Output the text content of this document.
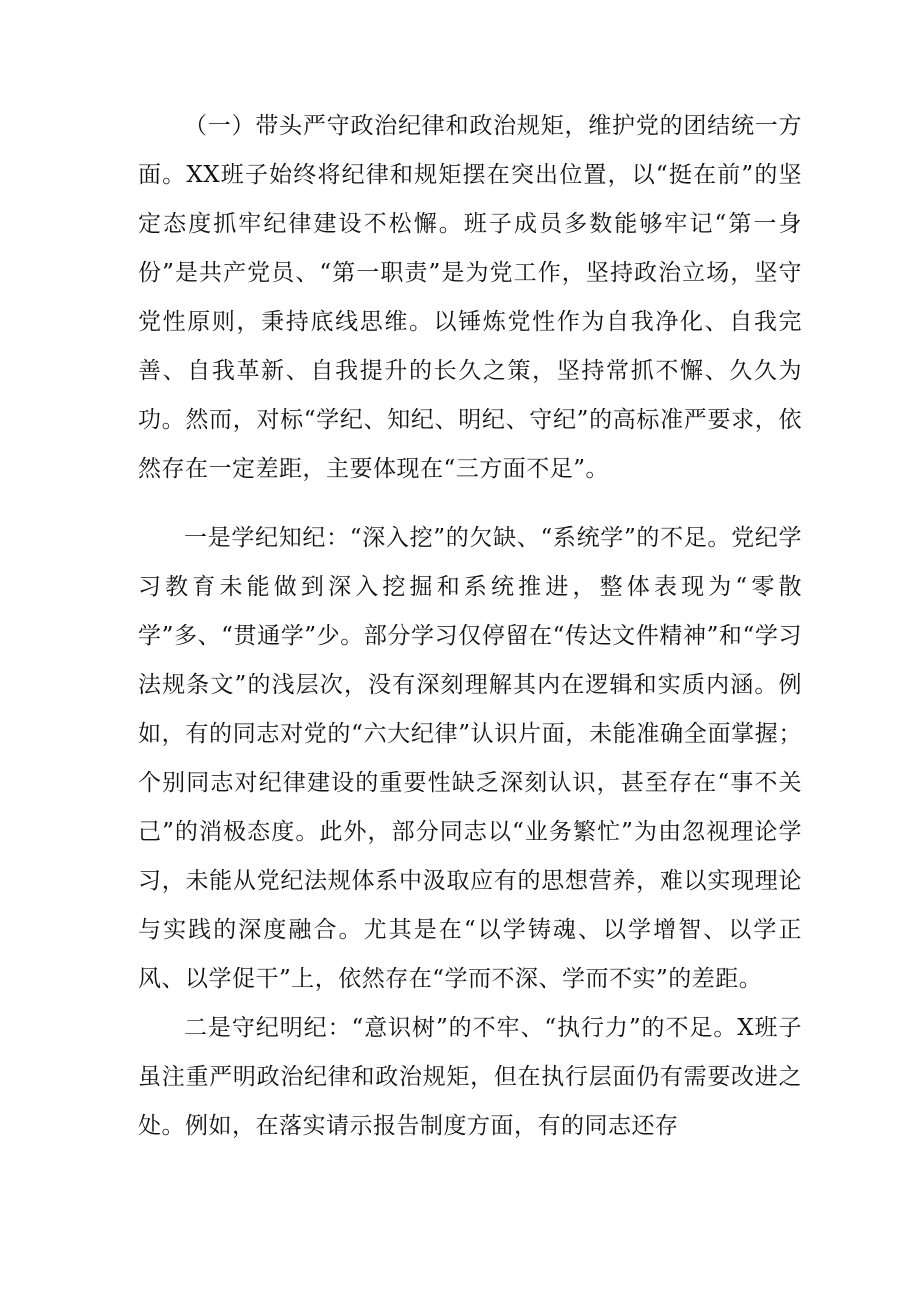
（一）带头严守政治纪律和政治规矩，维护党的团结统一方面。XX班子始终将纪律和规矩摆在突出位置，以“挺在前”的坚定态度抓牢纪律建设不松懈。班子成员多数能够牢记“第一身份”是共产党员、“第一职责”是为党工作，坚持政治立场，坚守党性原则，秉持底线思维。以锤炼党性作为自我净化、自我完善、自我革新、自我提升的长久之策，坚持常抓不懈、久久为功。然而，对标“学纪、知纪、明纪、守纪”的高标准严要求，依然存在一定差距，主要体现在“三方面不足”。

一是学纪知纪：“深入挖”的欠缺、“系统学”的不足。党纪学习教育未能做到深入挖掘和系统推进，整体表现为“零散学”多、“贯通学”少。部分学习仅停留在“传达文件精神”和“学习法规条文”的浅层次，没有深刻理解其内在逻辑和实质内涵。例如，有的同志对党的“六大纪律”认识片面，未能准确全面掌握；个别同志对纪律建设的重要性缺乏深刻认识，甚至存在“事不关己”的消极态度。此外，部分同志以“业务繁忙”为由忽视理论学习，未能从党纪法规体系中汲取应有的思想营养，难以实现理论与实践的深度融合。尤其是在“以学铸魂、以学增智、以学正风、以学促干”上，依然存在“学而不深、学而不实”的差距。

二是守纪明纪：“意识树”的不牢、“执行力”的不足。X班子虽注重严明政治纪律和政治规矩，但在执行层面仍有需要改进之处。例如，在落实请示报告制度方面，有的同志还存
